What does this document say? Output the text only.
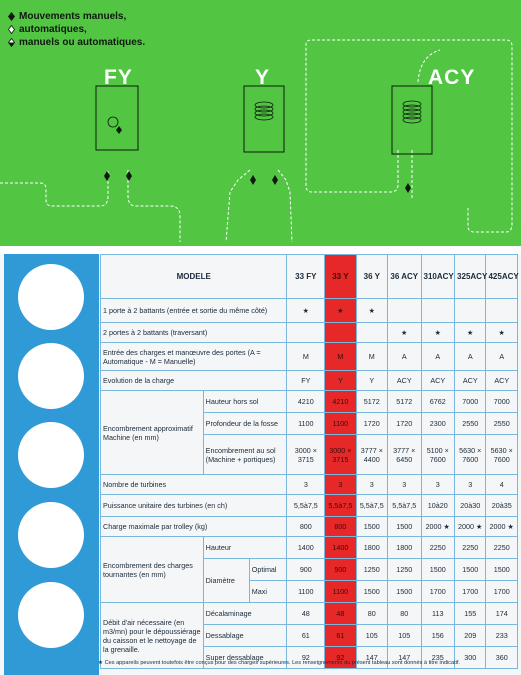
Mouvements manuels,
automatiques,
manuels ou automatiques.
FY	Y	ACY
MODELE			33 FY	33 Y	36 Y	36 ACY	310ACY	325ACY	425ACY
1 porte à 2 battants (entrée et sortie du même côté)			★	★	★				
2 portes à 2 battants (traversant)						★	★	★	★
Entrée des charges et manœuvre des portes (A = Automatique - M = Manuelle)			M	M	M	A	A	A	A
Evolution de la charge			FY	Y	Y	ACY	ACY	ACY	ACY
Encombrement approximatif Machine (en mm)	Hauteur hors sol		4210	4210	5172	5172	6762	7000	7000
	Profondeur de la fosse		1100	1100	1720	1720	2300	2550	2550
	Encombrement au sol (Machine + portiques)		3000 × 3715	3000 × 3715	3777 × 4400	3777 × 6450	5100 × 7600	5630 × 7600	5630 × 7600
Nombre de turbines			3	3	3	3	3	3	4
Puissance unitaire des turbines (en ch)			5,5à7,5	5,5à7,5	5,5à7,5	5,5à7,5	10à20	20à30	20à35
Charge maximale par trolley (kg)			800	800	1500	1500	2000 ★	2000 ★	2000 ★
Encombrement des charges tournantes (en mm)	Hauteur		1400	1400	1800	1800	2250	2250	2250
	Diamètre	Optimal	900	900	1250	1250	1500	1500	1500
		Maxi	1100	1100	1500	1500	1700	1700	1700
Débit d'air nécessaire (en m3/mn) pour le dépoussiérage du caisson et le nettoyage de la grenaille.	Décalaminage		48	48	80	80	113	155	174
	Dessablage		61	61	105	105	156	209	233
	Super dessablage		92	92	147	147	235	300	360
★ Ces appareils peuvent toutefois être conçus pour des charges supérieures. Les renseignements du présent tableau sont donnés à titre indicatif.
